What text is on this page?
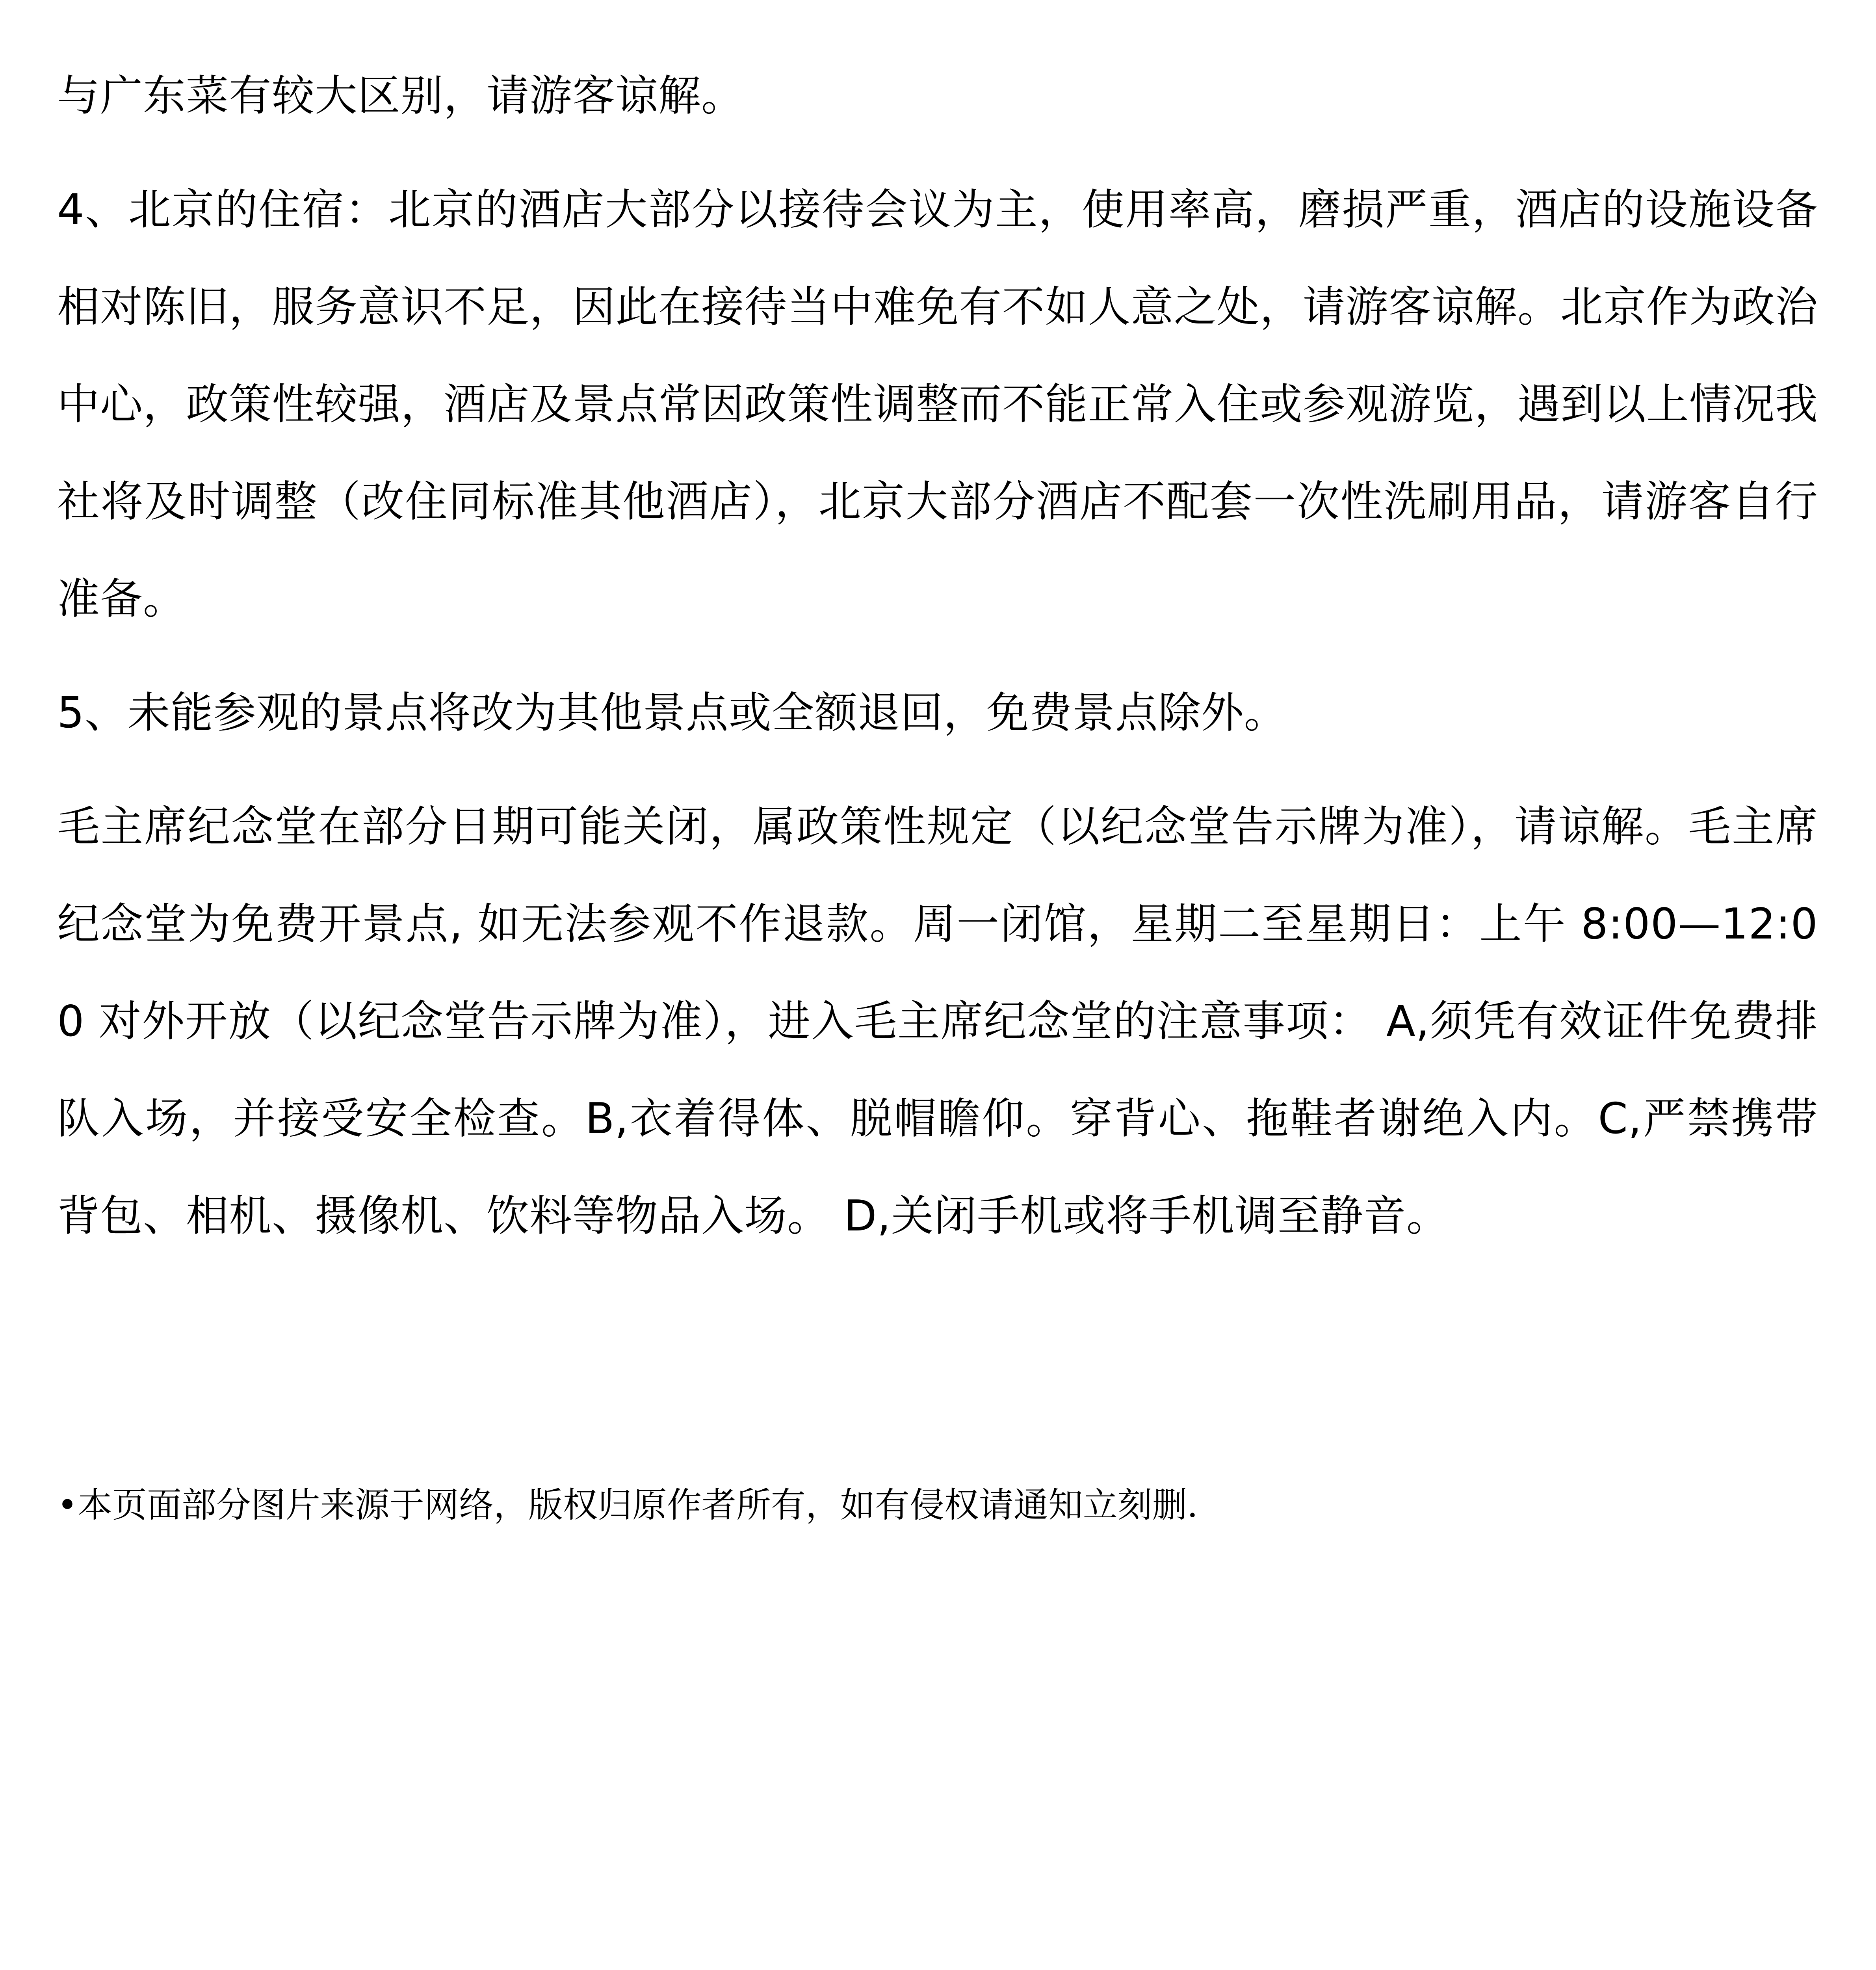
与广东菜有较大区别，请游客谅解。

4、北京的住宿：北京的酒店大部分以接待会议为主，使用率高，磨损严重，酒店的设施设备相对陈旧，服务意识不足，因此在接待当中难免有不如人意之处，请游客谅解。北京作为政治中心，政策性较强，酒店及景点常因政策性调整而不能正常入住或参观游览，遇到以上情况我社将及时调整（改住同标准其他酒店），北京大部分酒店不配套一次性洗刷用品，请游客自行准备。

5、未能参观的景点将改为其他景点或全额退回，免费景点除外。

毛主席纪念堂在部分日期可能关闭，属政策性规定（以纪念堂告示牌为准），请谅解。毛主席纪念堂为免费开景点, 如无法参观不作退款。周一闭馆，星期二至星期日：上午 8:00—12:00 对外开放（以纪念堂告示牌为准），进入毛主席纪念堂的注意事项： A,须凭有效证件免费排队入场，并接受安全检查。B,衣着得体、脱帽瞻仰。穿背心、拖鞋者谢绝入内。C,严禁携带背包、相机、摄像机、饮料等物品入场。 D,关闭手机或将手机调至静音。

•本页面部分图片来源于网络，版权归原作者所有，如有侵权请通知立刻删.
